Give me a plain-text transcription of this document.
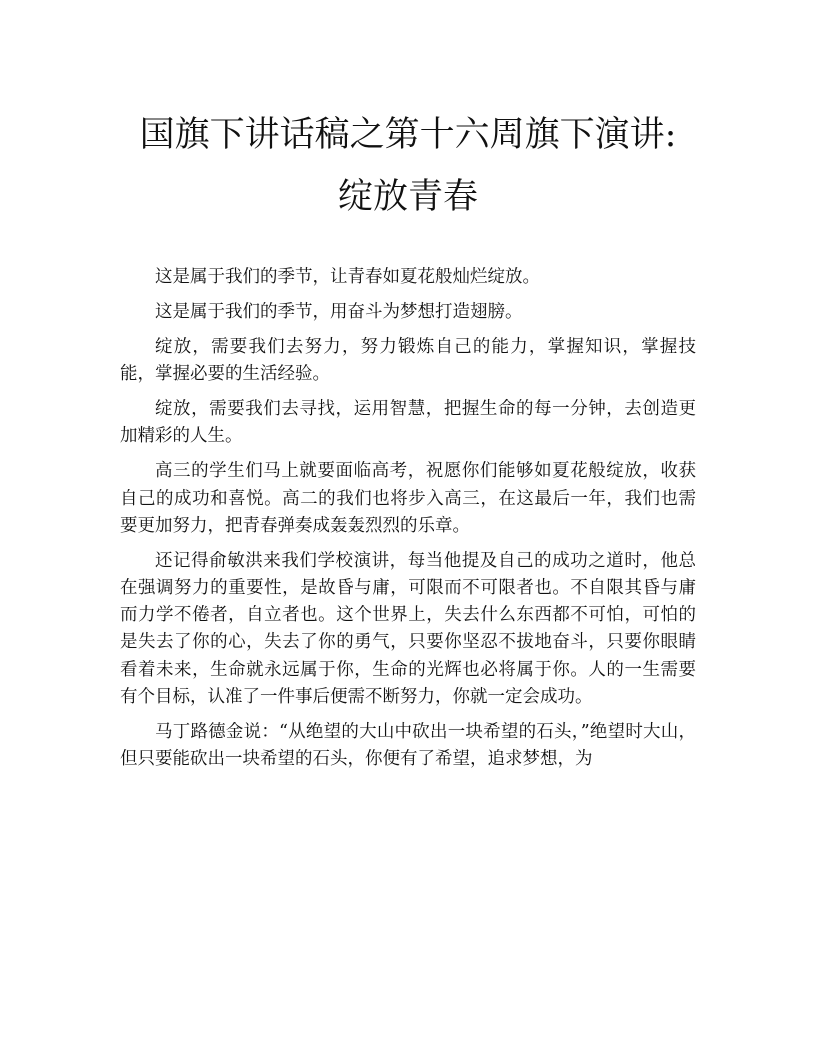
国旗下讲话稿之第十六周旗下演讲: 绽放青春

这是属于我们的季节，让青春如夏花般灿烂绽放。

这是属于我们的季节，用奋斗为梦想打造翅膀。

绽放，需要我们去努力，努力锻炼自己的能力，掌握知识，掌握技能，掌握必要的生活经验。

绽放，需要我们去寻找，运用智慧，把握生命的每一分钟，去创造更加精彩的人生。

高三的学生们马上就要面临高考，祝愿你们能够如夏花般绽放，收获自己的成功和喜悦。高二的我们也将步入高三，在这最后一年，我们也需要更加努力，把青春弹奏成轰轰烈烈的乐章。

还记得俞敏洪来我们学校演讲，每当他提及自己的成功之道时，他总在强调努力的重要性，是故昏与庸，可限而不可限者也。不自限其昏与庸而力学不倦者，自立者也。这个世界上，失去什么东西都不可怕，可怕的是失去了你的心，失去了你的勇气，只要你坚忍不拔地奋斗，只要你眼睛看着未来，生命就永远属于你，生命的光辉也必将属于你。人的一生需要有个目标，认准了一件事后便需不断努力，你就一定会成功。

马丁路德金说：“从绝望的大山中砍出一块希望的石头，”绝望时大山，但只要能砍出一块希望的石头，你便有了希望，追求梦想，为
